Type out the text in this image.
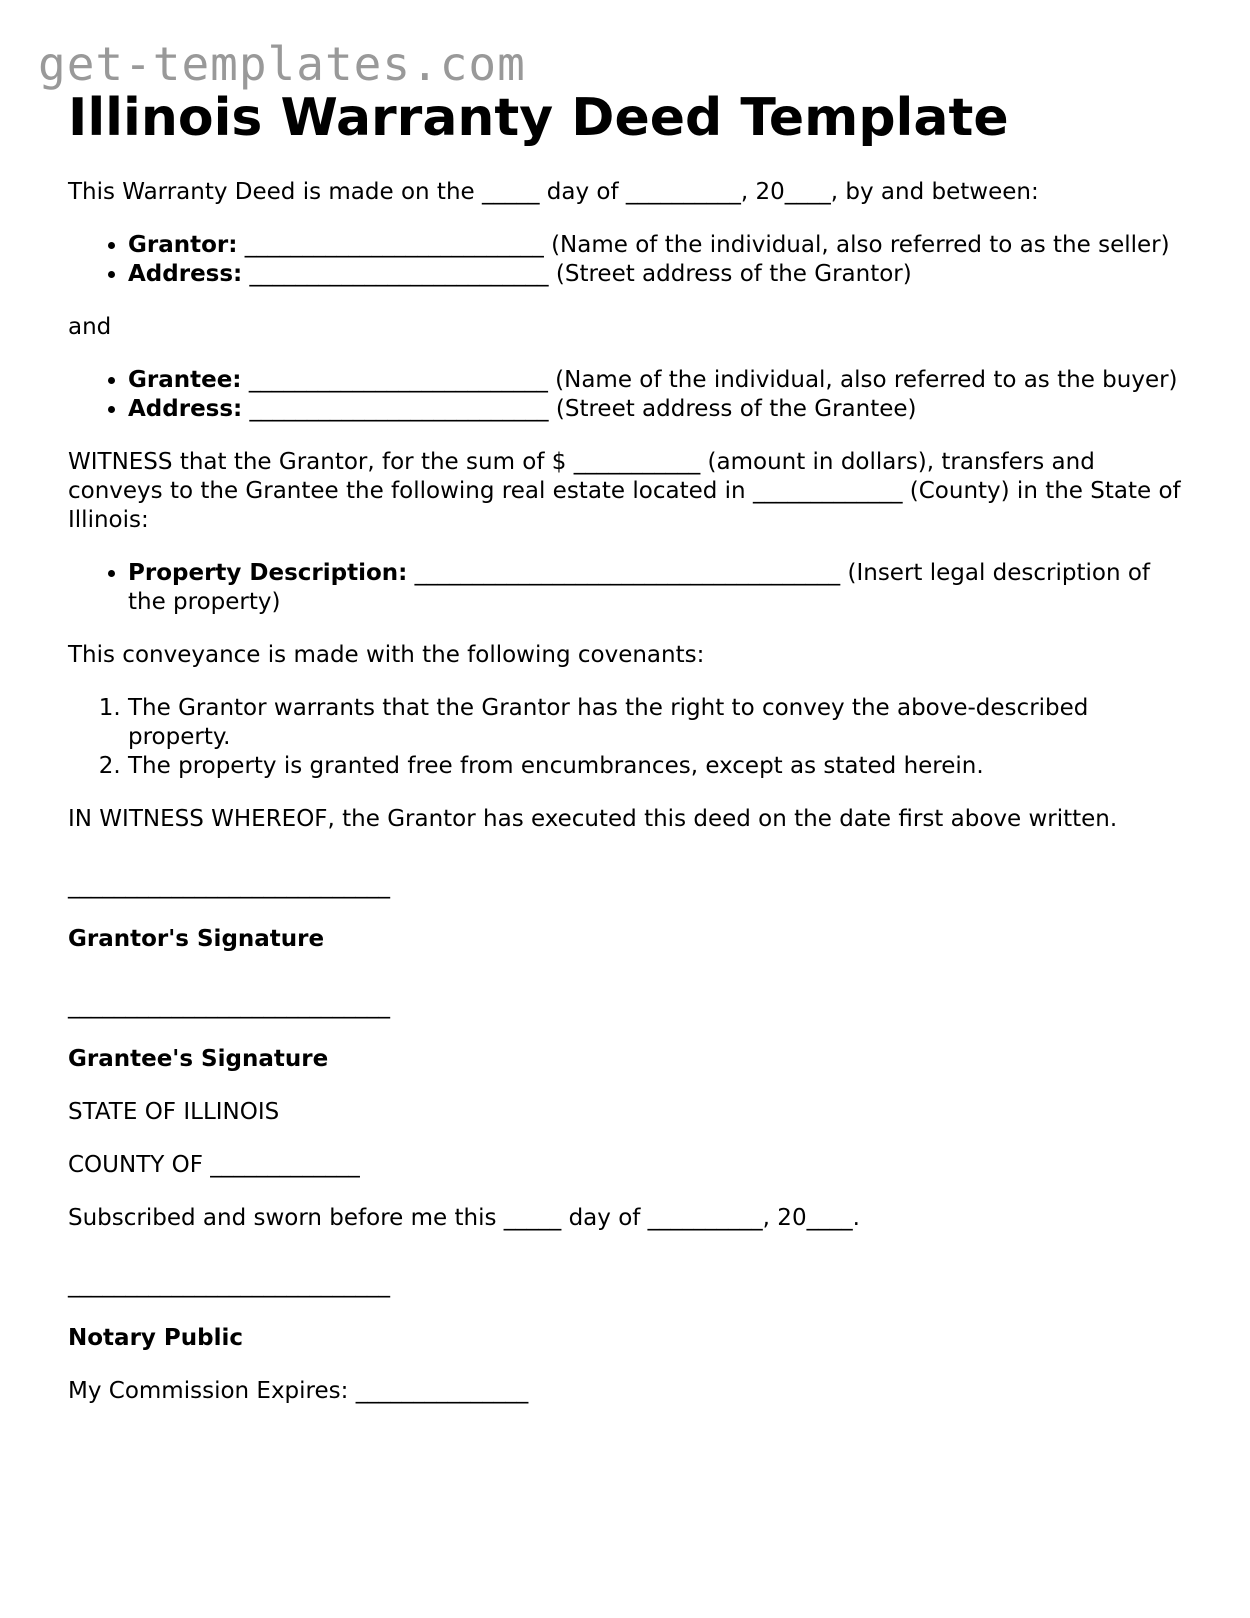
get-templates.com
Illinois Warranty Deed Template

This Warranty Deed is made on the _____ day of __________, 20____, by and between:

• Grantor: __________________________ (Name of the individual, also referred to as the seller)
• Address: __________________________ (Street address of the Grantor)

and

• Grantee: __________________________ (Name of the individual, also referred to as the buyer)
• Address: __________________________ (Street address of the Grantee)

WITNESS that the Grantor, for the sum of $ ___________ (amount in dollars), transfers and conveys to the Grantee the following real estate located in _____________ (County) in the State of Illinois:

• Property Description: _____________________________________ (Insert legal description of the property)

This conveyance is made with the following covenants:

1. The Grantor warrants that the Grantor has the right to convey the above-described property.
2. The property is granted free from encumbrances, except as stated herein.

IN WITNESS WHEREOF, the Grantor has executed this deed on the date first above written.

____________________________

Grantor's Signature

____________________________

Grantee's Signature

STATE OF ILLINOIS

COUNTY OF _____________

Subscribed and sworn before me this _____ day of __________, 20____.

____________________________

Notary Public

My Commission Expires: _______________
